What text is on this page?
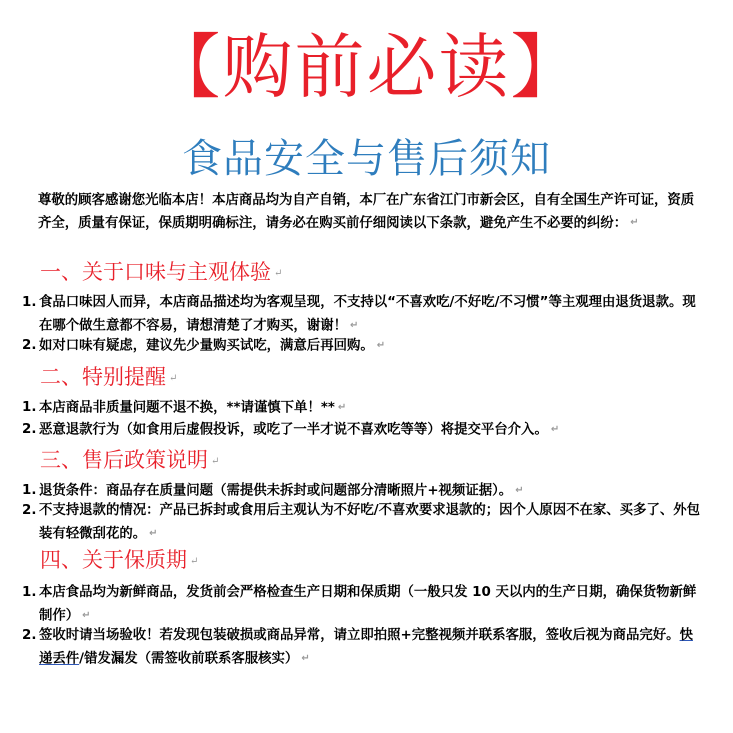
【购前必读】
食品安全与售后须知
尊敬的顾客感谢您光临本店！本店商品均为自产自销，本厂在广东省江门市新会区，自有全国生产许可证，资质齐全，质量有保证，保质期明确标注，请务必在购买前仔细阅读以下条款，避免产生不必要的纠纷： ↵
一、关于口味与主观体验 ↵
1. 食品口味因人而异，本店商品描述均为客观呈现，不支持以“不喜欢吃/不好吃/不习惯”等主观理由退货退款。现在哪个做生意都不容易，请想清楚了才购买，谢谢！ ↵
2. 如对口味有疑虑，建议先少量购买试吃，满意后再回购。 ↵
二、特别提醒 ↵
1. 本店商品非质量问题不退不换，**请谨慎下单！** ↵
2. 恶意退款行为（如食用后虚假投诉，或吃了一半才说不喜欢吃等等）将提交平台介入。 ↵
三、售后政策说明 ↵
1. 退货条件：商品存在质量问题（需提供未拆封或问题部分清晰照片+视频证据）。 ↵
2. 不支持退款的情况：产品已拆封或食用后主观认为不好吃/不喜欢要求退款的；因个人原因不在家、买多了、外包装有轻微刮花的。 ↵
四、关于保质期 ↵
1. 本店食品均为新鲜商品，发货前会严格检查生产日期和保质期（一般只发 10 天以内的生产日期，确保货物新鲜制作） ↵
2. 签收时请当场验收！若发现包装破损或商品异常，请立即拍照+完整视频并联系客服，签收后视为商品完好。快递丢件/错发漏发（需签收前联系客服核实） ↵
